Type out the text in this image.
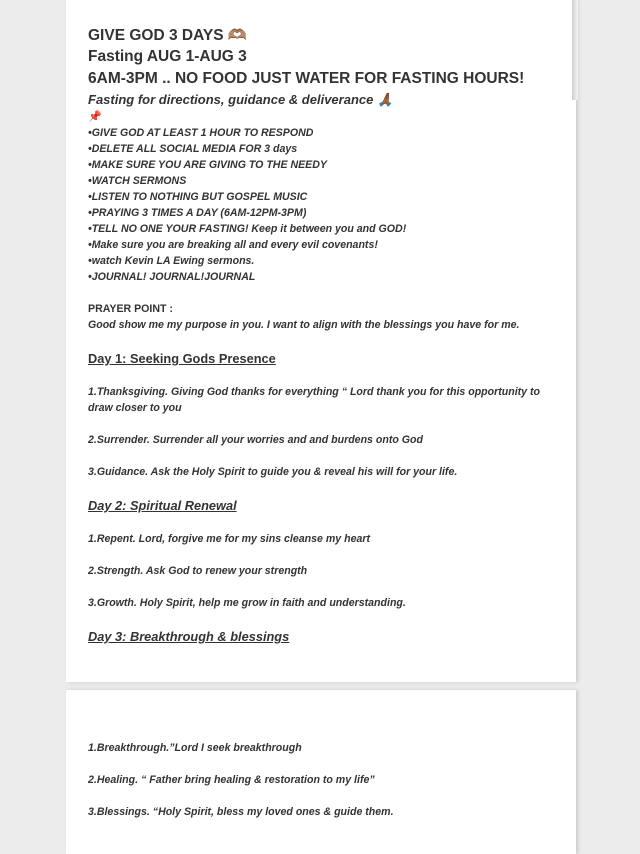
GIVE GOD 3 DAYS 🫶🏽

Fasting AUG 1-AUG 3

6AM-3PM .. NO FOOD JUST WATER FOR FASTING HOURS!

Fasting for directions, guidance & deliverance 🙏🏾

📌

•GIVE GOD AT LEAST 1 HOUR TO RESPOND

•DELETE ALL SOCIAL MEDIA FOR 3 days

•MAKE SURE YOU ARE GIVING TO THE NEEDY

•WATCH SERMONS

•LISTEN TO NOTHING BUT GOSPEL MUSIC

•PRAYING 3 TIMES A DAY (6AM-12PM-3PM)

•TELL NO ONE YOUR FASTING! Keep it between you and GOD!

•Make sure you are breaking all and every evil covenants!

•watch Kevin LA Ewing sermons.

•JOURNAL! JOURNAL!JOURNAL

PRAYER POINT :

Good show me my purpose in you. I want to align with the blessings you have for me.

Day 1: Seeking Gods Presence

1.Thanksgiving. Giving God thanks for everything “ Lord thank you for this opportunity to

draw closer to you

2.Surrender. Surrender all your worries and and burdens onto God

3.Guidance. Ask the Holy Spirit to guide you & reveal his will for your life.

Day 2: Spiritual Renewal

1.Repent. Lord, forgive me for my sins cleanse my heart

2.Strength. Ask God to renew your strength

3.Growth. Holy Spirit, help me grow in faith and understanding.

Day 3: Breakthrough & blessings

1.Breakthrough.”Lord I seek breakthrough

2.Healing. “ Father bring healing & restoration to my life”

3.Blessings. “Holy Spirit, bless my loved ones & guide them.
